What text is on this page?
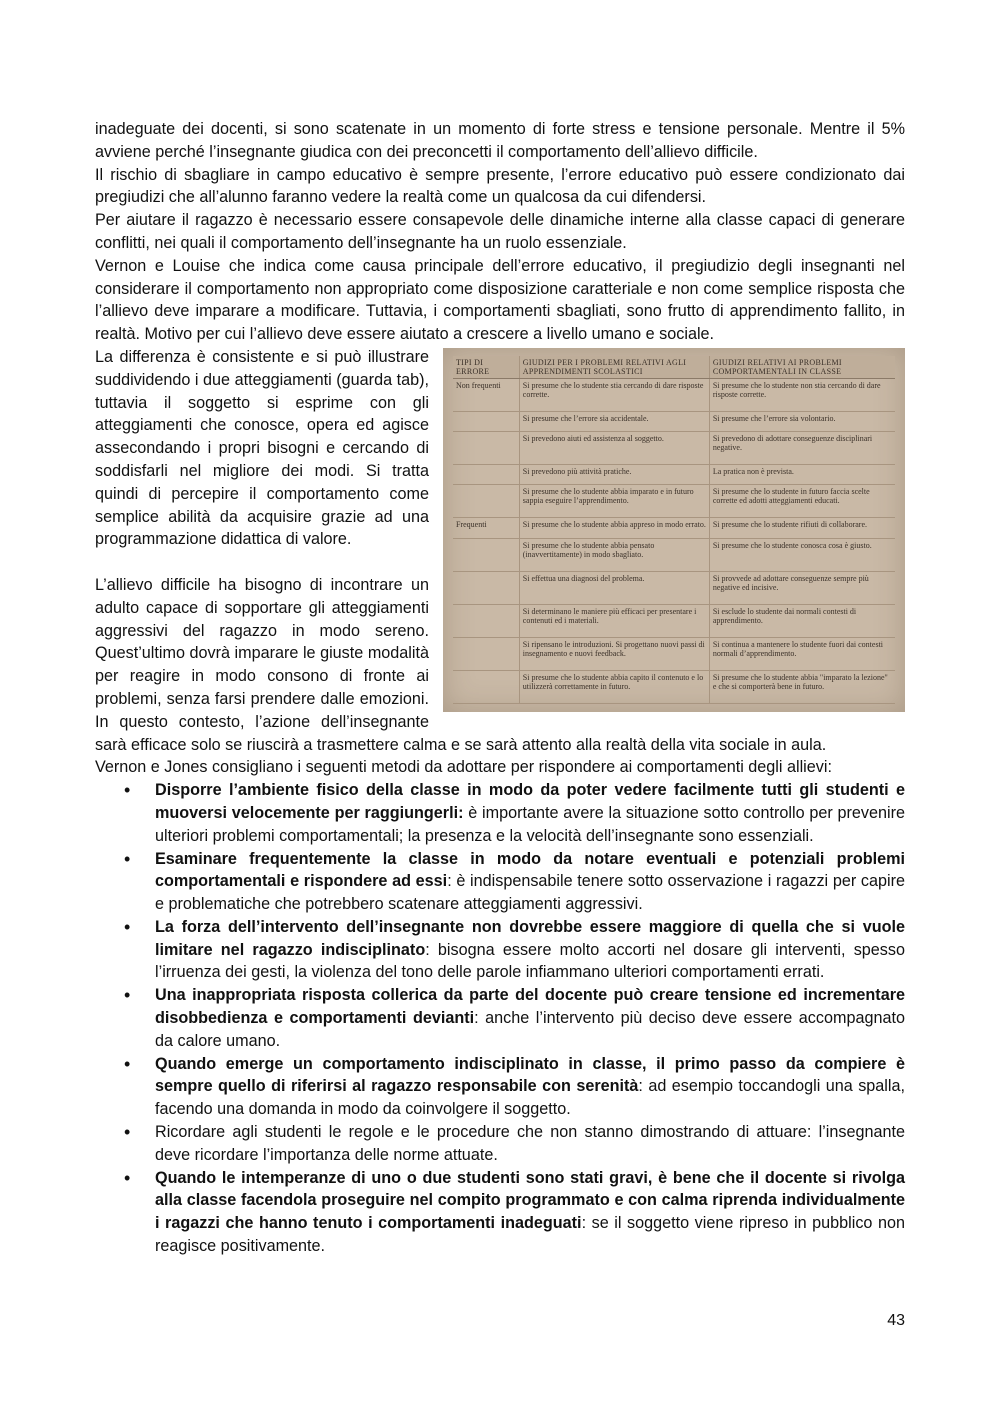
inadeguate dei docenti, si sono scatenate in un momento di forte stress e tensione personale. Mentre il 5% avviene perché l’insegnante giudica con dei preconcetti il comportamento dell’allievo difficile.

Il rischio di sbagliare in campo educativo è sempre presente, l’errore educativo può essere condizionato dai pregiudizi che all’alunno faranno vedere la realtà come un qualcosa da cui difendersi.

Per aiutare il ragazzo è necessario essere consapevole delle dinamiche interne alla classe capaci di generare conflitti, nei quali il comportamento dell’insegnante ha un ruolo essenziale.

Vernon e Louise che indica come causa principale dell’errore educativo, il pregiudizio degli insegnanti nel considerare il comportamento non appropriato come disposizione caratteriale e non come semplice risposta che l’allievo deve imparare a modificare. Tuttavia, i comportamenti sbagliati, sono frutto di apprendimento fallito, in realtà. Motivo per cui l’allievo deve essere aiutato a crescere a livello umano e sociale.

TIPI DI ERRORE	GIUDIZI PER I PROBLEMI RELATIVI AGLI APPRENDIMENTI SCOLASTICI	GIUDIZI RELATIVI AI PROBLEMI COMPORTAMENTALI IN CLASSE
Non frequenti	Si presume che lo studente stia cercando di dare risposte corrette.	Si presume che lo studente non stia cercando di dare risposte corrette.
	Si presume che l’errore sia accidentale.	Si presume che l’errore sia volontario.
	Si prevedono aiuti ed assistenza al soggetto.	Si prevedono di adottare conseguenze disciplinari negative.
	Si prevedono più attività pratiche.	La pratica non è prevista.
	Si presume che lo studente abbia imparato e in futuro sappia eseguire l’apprendimento.	Si presume che lo studente in futuro faccia scelte corrette ed adotti atteggiamenti educati.
Frequenti	Si presume che lo studente abbia appreso in modo errato.	Si presume che lo studente rifiuti di collaborare.
	Si presume che lo studente abbia pensato (inavvertitamente) in modo sbagliato.	Si presume che lo studente conosca cosa è giusto.
	Si effettua una diagnosi del problema.	Si provvede ad adottare conseguenze sempre più negative ed incisive.
	Si determinano le maniere più efficaci per presentare i contenuti ed i materiali.	Si esclude lo studente dai normali contesti di apprendimento.
	Si ripensano le introduzioni. Si progettano nuovi passi di insegnamento e nuovi feedback.	Si continua a mantenere lo studente fuori dai contesti normali d’apprendimento.
	Si presume che lo studente abbia capito il contenuto e lo utilizzerà correttamente in futuro.	Si presume che lo studente abbia "imparato la lezione" e che si comporterà bene in futuro.

La differenza è consistente e si può illustrare suddividendo i due atteggiamenti (guarda tab), tuttavia il soggetto si esprime con gli atteggiamenti che conosce, opera ed agisce assecondando i propri bisogni e cercando di soddisfarli nel migliore dei modi. Si tratta quindi di percepire il comportamento come semplice abilità da acquisire grazie ad una programmazione didattica di valore.

L’allievo difficile ha bisogno di incontrare un adulto capace di sopportare gli atteggiamenti aggressivi del ragazzo in modo sereno. Quest’ultimo dovrà imparare le giuste modalità per reagire in modo consono di fronte ai problemi, senza farsi prendere dalle emozioni. In questo contesto, l’azione dell’insegnante sarà efficace solo se riuscirà a trasmettere calma e se sarà attento alla realtà della vita sociale in aula.

Vernon e Jones consigliano i seguenti metodi da adottare per rispondere ai comportamenti degli allievi:

• Disporre l’ambiente fisico della classe in modo da poter vedere facilmente tutti gli studenti e muoversi velocemente per raggiungerli: è importante avere la situazione sotto controllo per prevenire ulteriori problemi comportamentali; la presenza e la velocità dell’insegnante sono essenziali.
• Esaminare frequentemente la classe in modo da notare eventuali e potenziali problemi comportamentali e rispondere ad essi: è indispensabile tenere sotto osservazione i ragazzi per capire e problematiche che potrebbero scatenare atteggiamenti aggressivi.
• La forza dell’intervento dell’insegnante non dovrebbe essere maggiore di quella che si vuole limitare nel ragazzo indisciplinato: bisogna essere molto accorti nel dosare gli interventi, spesso l’irruenza dei gesti, la violenza del tono delle parole infiammano ulteriori comportamenti errati.
• Una inappropriata risposta collerica da parte del docente può creare tensione ed incrementare disobbedienza e comportamenti devianti: anche l’intervento più deciso deve essere accompagnato da calore umano.
• Quando emerge un comportamento indisciplinato in classe, il primo passo da compiere è sempre quello di riferirsi al ragazzo responsabile con serenità: ad esempio toccandogli una spalla, facendo una domanda in modo da coinvolgere il soggetto.
• Ricordare agli studenti le regole e le procedure che non stanno dimostrando di attuare: l’insegnante deve ricordare l’importanza delle norme attuate.
• Quando le intemperanze di uno o due studenti sono stati gravi, è bene che il docente si rivolga alla classe facendola proseguire nel compito programmato e con calma riprenda individualmente i ragazzi che hanno tenuto i comportamenti inadeguati: se il soggetto viene ripreso in pubblico non reagisce positivamente.
43
